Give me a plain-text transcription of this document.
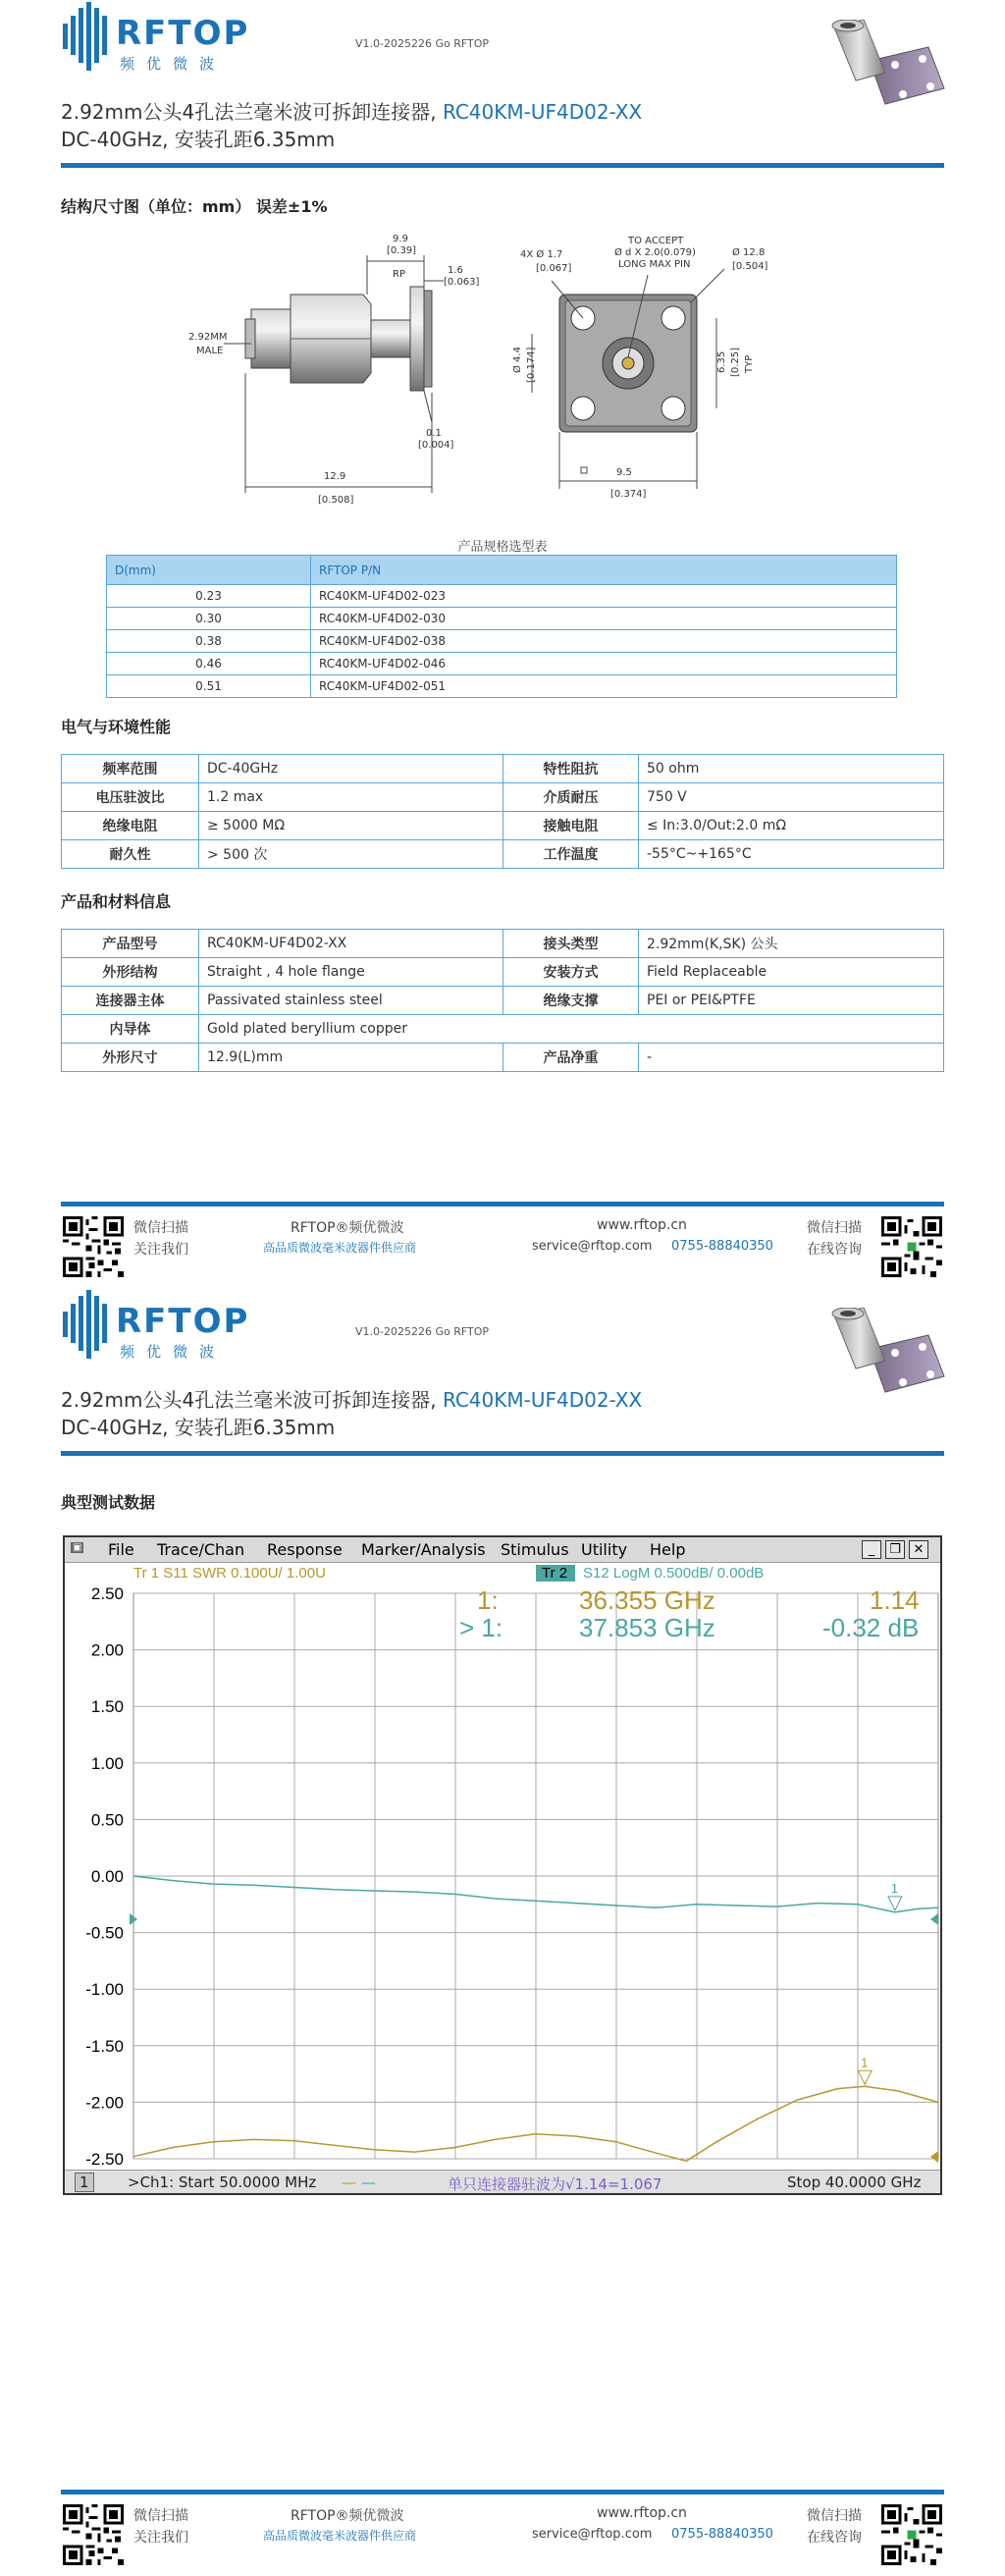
RFTOP
频优微波
V1.0-2025226 Go RFTOP
2.92mm公头4孔法兰毫米波可拆卸连接器, RC40KM-UF4D02-XX
DC-40GHz, 安装孔距6.35mm
结构尺寸图（单位：mm） 误差±1%
9.9
[0.39]
RP	1.6
[0.063]
2.92MM
MALE
0.1
[0.004]
12.9
[0.508]
4X Ø 1.7
[0.067]
TO ACCEPT
Ø d X 2.0(0.079)
LONG MAX PIN
Ø 12.8
[0.504]
Ø 4.4 [0.174]	6.35 [0.25] TYP
9.5
[0.374]
产品规格选型表
D(mm)	RFTOP P/N
0.23	RC40KM-UF4D02-023
0.30	RC40KM-UF4D02-030
0.38	RC40KM-UF4D02-038
0.46	RC40KM-UF4D02-046
0.51	RC40KM-UF4D02-051
电气与环境性能
频率范围	DC-40GHz	特性阻抗	50 ohm
电压驻波比	1.2 max	介质耐压	750 V
绝缘电阻	≥ 5000 MΩ	接触电阻	≤ In:3.0/Out:2.0 mΩ
耐久性	> 500 次	工作温度	-55°C~+165°C
产品和材料信息
产品型号	RC40KM-UF4D02-XX	接头类型	2.92mm(K,SK) 公头
外形结构	Straight , 4 hole flange	安装方式	Field Replaceable
连接器主体	Passivated stainless steel	绝缘支撑	PEI or PEI&PTFE
内导体	Gold plated beryllium copper		
外形尺寸	12.9(L)mm	产品净重	-
微信扫描
关注我们
RFTOP®频优微波
高品质微波毫米波器件供应商
www.rftop.cn
service@rftop.com 0755-88840350
微信扫描
在线咨询
RFTOP
频优微波
V1.0-2025226 Go RFTOP
2.92mm公头4孔法兰毫米波可拆卸连接器, RC40KM-UF4D02-XX
DC-40GHz, 安装孔距6.35mm
典型测试数据
微信扫描
关注我们
RFTOP®频优微波
高品质微波毫米波器件供应商
www.rftop.cn
service@rftop.com 0755-88840350
微信扫描
在线咨询
▣ File Trace/Chan Response Marker/Analysis Stimulus Utility Help	_	❐ ✕
Tr 1 S11 SWR 0.100U/ 1.00U	Tr 2 S12 LogM 0.500dB/ 0.00dB
2.50
2.00
1.50
1.00
0.50
0.00
-0.50
-1.00
-1.50
-2.00
-2.50
1:	36.355 GHz	1.14
> 1:	37.853 GHz	-0.32 dB
1
1
1	>Ch1: Start 50.0000 MHz — —	单只连接器驻波为√1.14=1.067	Stop 40.0000 GHz
